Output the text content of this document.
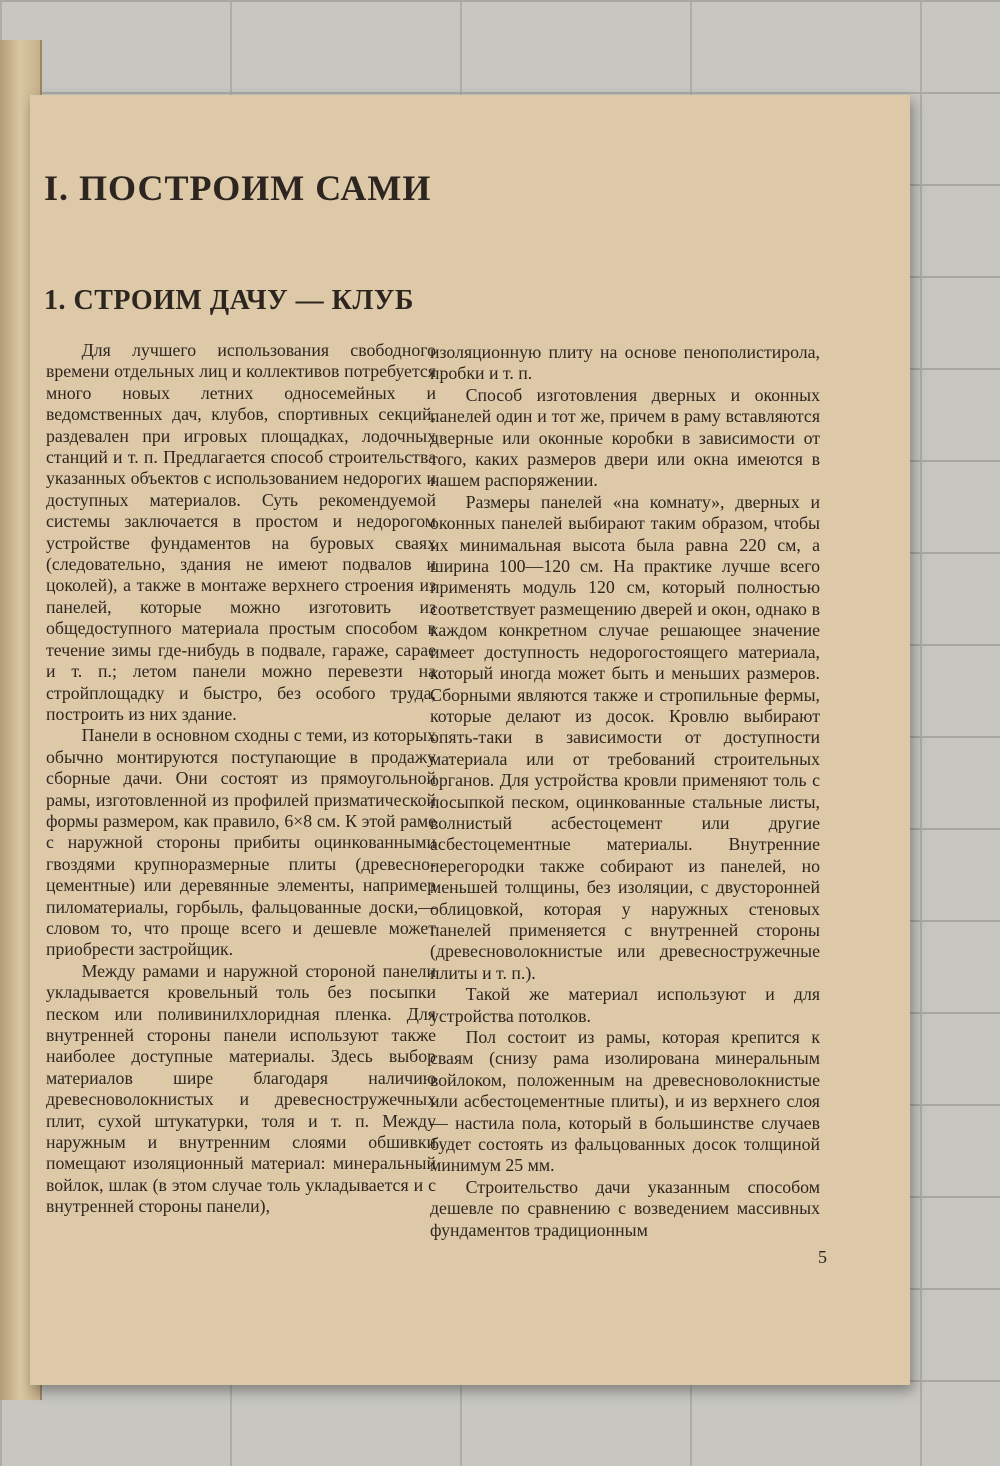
I. ПОСТРОИМ САМИ
1. СТРОИМ ДАЧУ — КЛУБ

Для лучшего использования свободного времени отдельных лиц и коллективов потребуется много новых летних односемейных и ведомственных дач, клубов, спортивных секций, раздевален при игровых площадках, лодочных станций и т. п. Предлагается способ строительства указанных объектов с использованием недорогих и доступных материалов. Суть рекомендуемой системы заключается в простом и недорогом устройстве фундаментов на буровых сваях (следовательно, здания не имеют подвалов и цоколей), а также в монтаже верхнего строения из панелей, которые можно изготовить из общедоступного материала простым способом в течение зимы где-нибудь в подвале, гараже, сарае и т. п.; летом панели можно перевезти на стройплощадку и быстро, без особого труда, построить из них здание.

Панели в основном сходны с теми, из которых обычно монтируются поступающие в продажу сборные дачи. Они состоят из прямоугольной рамы, изготовленной из профилей призматической формы размером, как правило, 6×8 см. К этой раме с наружной стороны прибиты оцинкованными гвоздями крупноразмерные плиты (древесно-цементные) или деревянные элементы, например пиломатериалы, горбыль, фальцованные доски,— словом то, что проще всего и дешевле может приобрести застройщик.

Между рамами и наружной стороной панели укладывается кровельный толь без посыпки песком или поливинилхлоридная пленка. Для внутренней стороны панели используют также наиболее доступные материалы. Здесь выбор материалов шире благодаря наличию древесноволокнистых и древесностружечных плит, сухой штукатурки, толя и т. п. Между наружным и внутренним слоями обшивки помещают изоляционный материал: минеральный войлок, шлак (в этом случае толь укладывается и с внутренней стороны панели),

изоляционную плиту на основе пенополистирола, пробки и т. п.

Способ изготовления дверных и оконных панелей один и тот же, причем в раму вставляются дверные или оконные коробки в зависимости от того, каких размеров двери или окна имеются в нашем распоряжении.

Размеры панелей «на комнату», дверных и оконных панелей выбирают таким образом, чтобы их минимальная высота была равна 220 см, а ширина 100—120 см. На практике лучше всего применять модуль 120 см, который полностью соответствует размещению дверей и окон, однако в каждом конкретном случае решающее значение имеет доступность недорогостоящего материала, который иногда может быть и меньших размеров. Сборными являются также и стропильные фермы, которые делают из досок. Кровлю выбирают опять-таки в зависимости от доступности материала или от требований строительных органов. Для устройства кровли применяют толь с посыпкой песком, оцинкованные стальные листы, волнистый асбестоцемент или другие асбестоцементные материалы. Внутренние перегородки также собирают из панелей, но меньшей толщины, без изоляции, с двусторонней облицовкой, которая у наружных стеновых панелей применяется с внутренней стороны (древесноволокнистые или древесностружечные плиты и т. п.).

Такой же материал используют и для устройства потолков.

Пол состоит из рамы, которая крепится к сваям (снизу рама изолирована минеральным войлоком, положенным на древесноволокнистые или асбестоцементные плиты), и из верхнего слоя — настила пола, который в большинстве случаев будет состоять из фальцованных досок толщиной минимум 25 мм.

Строительство дачи указанным способом дешевле по сравнению с возведением массивных фундаментов традиционным

5
